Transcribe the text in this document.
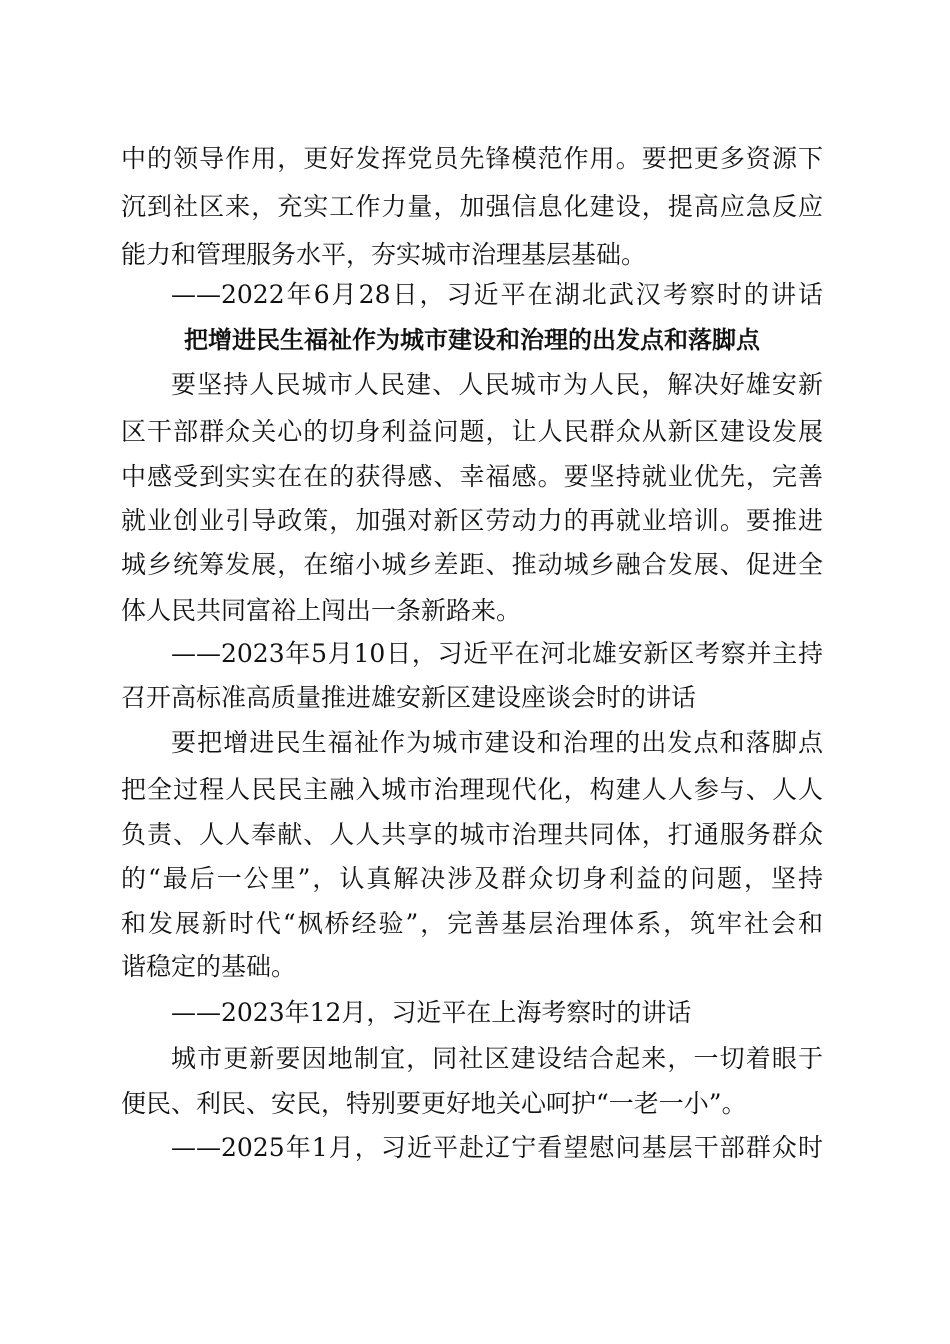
中的领导作用，更好发挥党员先锋模范作用。要把更多资源下
沉到社区来，充实工作力量，加强信息化建设，提高应急反应
能力和管理服务水平，夯实城市治理基层基础。
——2022年6月28日，习近平在湖北武汉考察时的讲话
把增进民生福祉作为城市建设和治理的出发点和落脚点
要坚持人民城市人民建、人民城市为人民，解决好雄安新
区干部群众关心的切身利益问题，让人民群众从新区建设发展
中感受到实实在在的获得感、幸福感。要坚持就业优先，完善
就业创业引导政策，加强对新区劳动力的再就业培训。要推进
城乡统筹发展，在缩小城乡差距、推动城乡融合发展、促进全
体人民共同富裕上闯出一条新路来。
——2023年5月10日，习近平在河北雄安新区考察并主持
召开高标准高质量推进雄安新区建设座谈会时的讲话
要把增进民生福祉作为城市建设和治理的出发点和落脚点
把全过程人民民主融入城市治理现代化，构建人人参与、人人
负责、人人奉献、人人共享的城市治理共同体，打通服务群众
的“最后一公里”，认真解决涉及群众切身利益的问题，坚持
和发展新时代“枫桥经验”，完善基层治理体系，筑牢社会和
谐稳定的基础。
——2023年12月，习近平在上海考察时的讲话
城市更新要因地制宜，同社区建设结合起来，一切着眼于
便民、利民、安民，特别要更好地关心呵护“一老一小”。
——2025年1月，习近平赴辽宁看望慰问基层干部群众时
